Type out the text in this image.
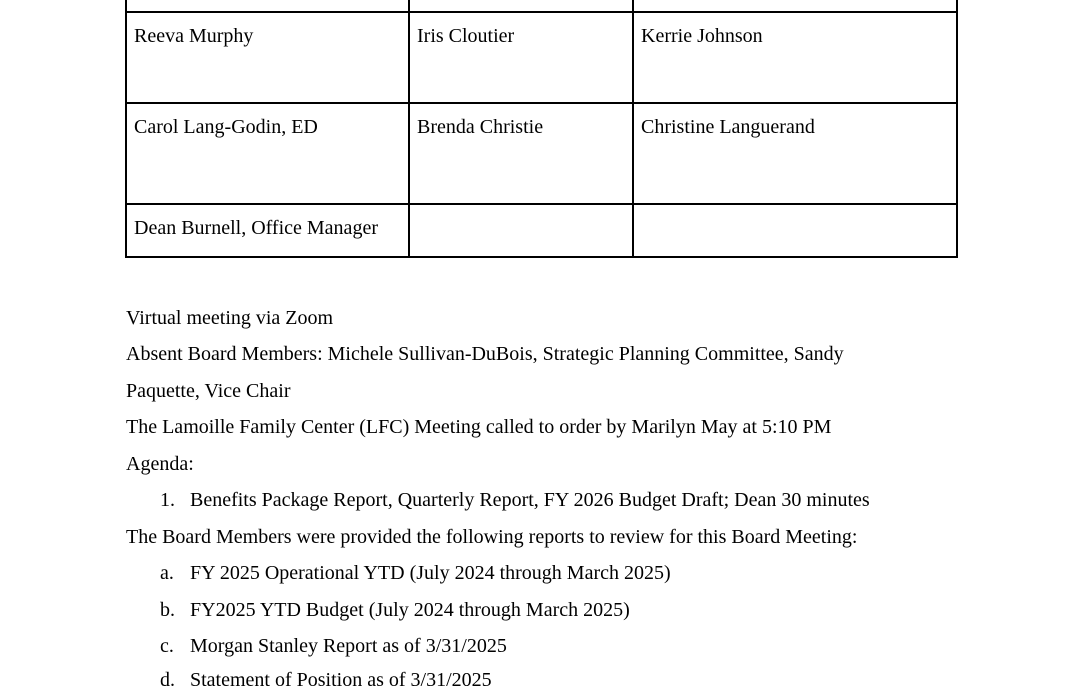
Reeva Murphy	Iris Cloutier	Kerrie Johnson
Carol Lang-Godin, ED	Brenda Christie	Christine Languerand
Dean Burnell, Office Manager		
Virtual meeting via Zoom
Absent Board Members: Michele Sullivan-DuBois, Strategic Planning Committee, Sandy
Paquette, Vice Chair
The Lamoille Family Center (LFC) Meeting called to order by Marilyn May at 5:10 PM
Agenda:
1. Benefits Package Report, Quarterly Report, FY 2026 Budget Draft; Dean 30 minutes
The Board Members were provided the following reports to review for this Board Meeting:
a. FY 2025 Operational YTD (July 2024 through March 2025)
b. FY2025 YTD Budget (July 2024 through March 2025)
c. Morgan Stanley Report as of 3/31/2025
d. Statement of Position as of 3/31/2025
